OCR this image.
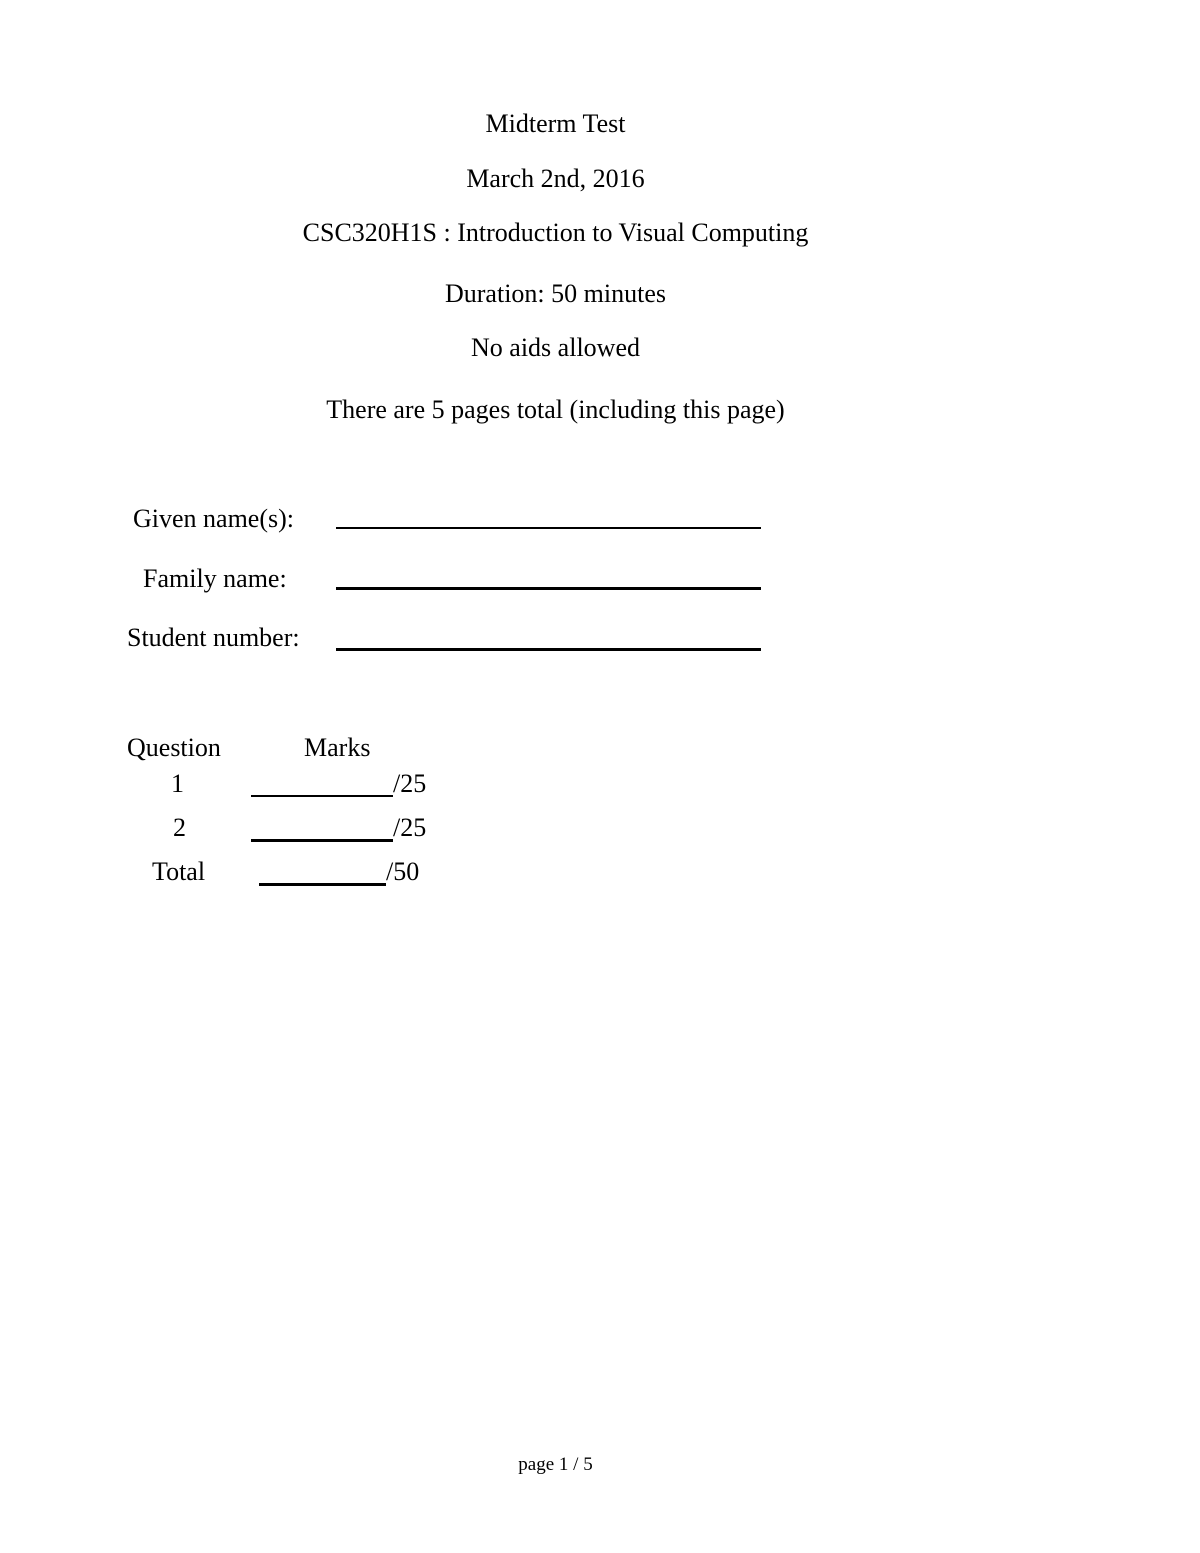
Midterm Test
March 2nd, 2016
CSC320H1S : Introduction to Visual Computing
Duration: 50 minutes
No aids allowed
There are 5 pages total (including this page)
Given name(s):
Family name:
Student number:
Question	Marks
1	/25
2	/25
Total	/50
page 1 / 5
